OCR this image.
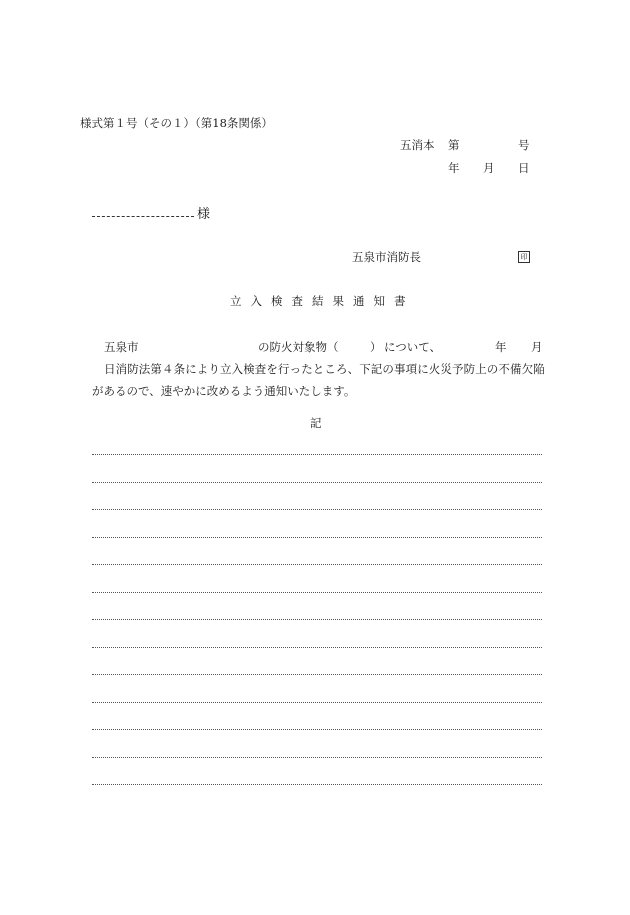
様式第１号（その１）（第18条関係）
五消本 第	号
年 月 日
様
五泉市消防長	印
立入検査結果通知書
五泉市	の防火対象物（	） について、	年 月
日消防法第４条により立入検査を行ったところ、下記の事項に火災予防上の不備欠陥
があるので、速やかに改めるよう通知いたします。
記
